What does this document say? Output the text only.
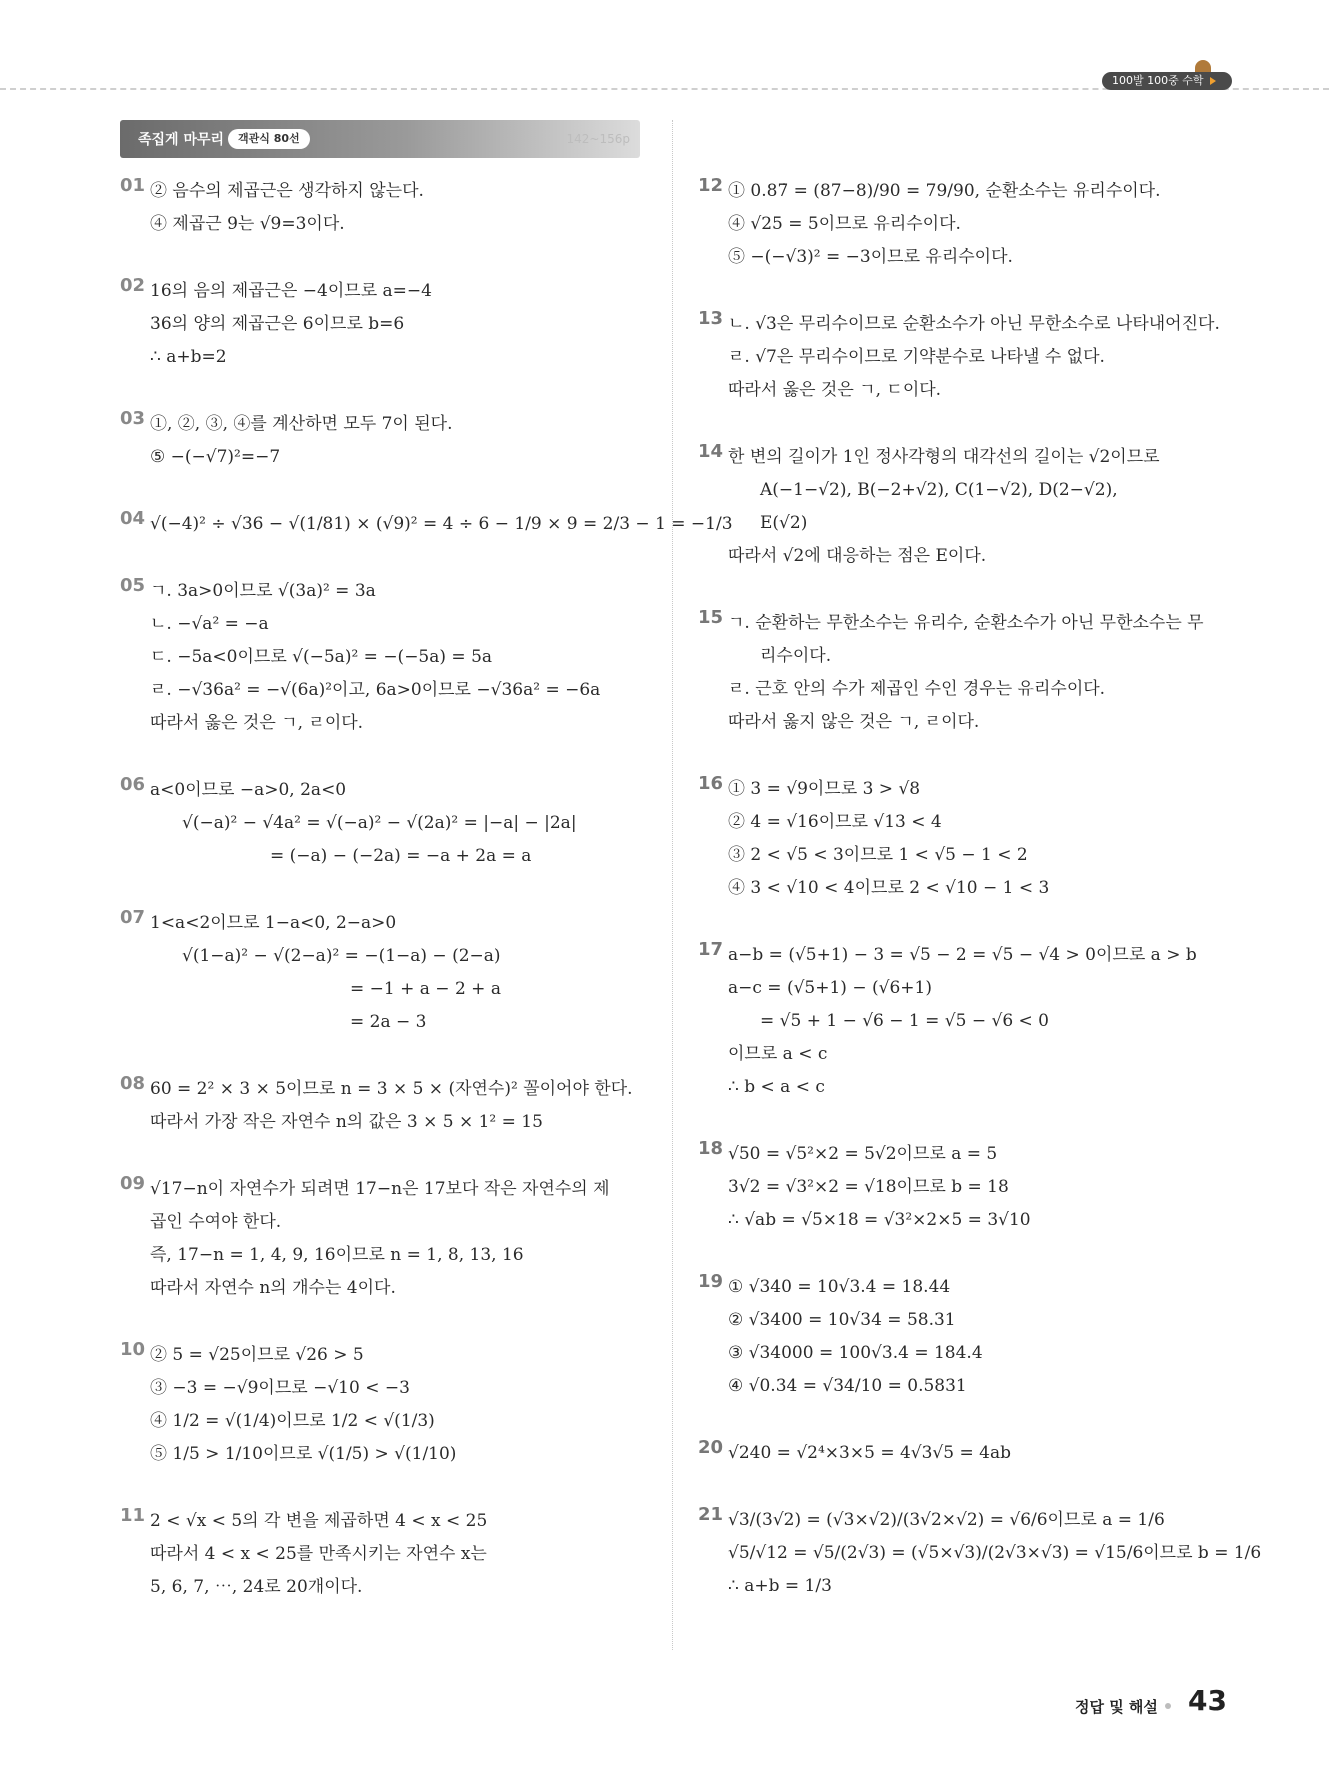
100발 100중 수학
족집게 마무리	객관식 80선	142~156p
01 ② 음수의 제곱근은 생각하지 않는다.
④ 제곱근 9는 √9=3이다.
02 16의 음의 제곱근은 −4이므로 a=−4
36의 양의 제곱근은 6이므로 b=6
∴ a+b=2
03 ①, ②, ③, ④를 계산하면 모두 7이 된다.
⑤ −(−√7)²=−7
04 √(−4)² ÷ √36 − √(1/81) × (√9)² = 4 ÷ 6 − 1/9 × 9 = 2/3 − 1 = −1/3
05 ㄱ. 3a>0이므로 √(3a)² = 3a
ㄴ. −√a² = −a
ㄷ. −5a<0이므로 √(−5a)² = −(−5a) = 5a
ㄹ. −√36a² = −√(6a)²이고, 6a>0이므로 −√36a² = −6a
따라서 옳은 것은 ㄱ, ㄹ이다.
06 a<0이므로 −a>0, 2a<0
√(−a)² − √4a² = √(−a)² − √(2a)² = |−a| − |2a|
= (−a) − (−2a) = −a + 2a = a
07 1<a<2이므로 1−a<0, 2−a>0
√(1−a)² − √(2−a)² = −(1−a) − (2−a)
= −1 + a − 2 + a
= 2a − 3
08 60 = 2² × 3 × 5이므로 n = 3 × 5 × (자연수)² 꼴이어야 한다.
따라서 가장 작은 자연수 n의 값은 3 × 5 × 1² = 15
09 √17−n이 자연수가 되려면 17−n은 17보다 작은 자연수의 제
곱인 수여야 한다.
즉, 17−n = 1, 4, 9, 16이므로 n = 1, 8, 13, 16
따라서 자연수 n의 개수는 4이다.
10 ② 5 = √25이므로 √26 > 5
③ −3 = −√9이므로 −√10 < −3
④ 1/2 = √(1/4)이므로 1/2 < √(1/3)
⑤ 1/5 > 1/10이므로 √(1/5) > √(1/10)
11 2 < √x < 5의 각 변을 제곱하면 4 < x < 25
따라서 4 < x < 25를 만족시키는 자연수 x는
5, 6, 7, ⋯, 24로 20개이다.
12 ① 0.87̇ = (87−8)/90 = 79/90, 순환소수는 유리수이다.
④ √25 = 5이므로 유리수이다.
⑤ −(−√3)² = −3이므로 유리수이다.
13 ㄴ. √3은 무리수이므로 순환소수가 아닌 무한소수로 나타내어진다.
ㄹ. √7은 무리수이므로 기약분수로 나타낼 수 없다.
따라서 옳은 것은 ㄱ, ㄷ이다.
14 한 변의 길이가 1인 정사각형의 대각선의 길이는 √2이므로
A(−1−√2), B(−2+√2), C(1−√2), D(2−√2),
E(√2)
따라서 √2에 대응하는 점은 E이다.
15 ㄱ. 순환하는 무한소수는 유리수, 순환소수가 아닌 무한소수는 무
리수이다.
ㄹ. 근호 안의 수가 제곱인 수인 경우는 유리수이다.
따라서 옳지 않은 것은 ㄱ, ㄹ이다.
16 ① 3 = √9이므로 3 > √8
② 4 = √16이므로 √13 < 4
③ 2 < √5 < 3이므로 1 < √5 − 1 < 2
④ 3 < √10 < 4이므로 2 < √10 − 1 < 3
17 a−b = (√5+1) − 3 = √5 − 2 = √5 − √4 > 0이므로 a > b
a−c = (√5+1) − (√6+1)
= √5 + 1 − √6 − 1 = √5 − √6 < 0
이므로 a < c
∴ b < a < c
18 √50 = √5²×2 = 5√2이므로 a = 5
3√2 = √3²×2 = √18이므로 b = 18
∴ √ab = √5×18 = √3²×2×5 = 3√10
19 ① √340 = 10√3.4 = 18.44
② √3400 = 10√34 = 58.31
③ √34000 = 100√3.4 = 184.4
④ √0.34 = √34/10 = 0.5831
20 √240 = √2⁴×3×5 = 4√3√5 = 4ab
21 √3/(3√2) = (√3×√2)/(3√2×√2) = √6/6이므로 a = 1/6
√5/√12 = √5/(2√3) = (√5×√3)/(2√3×√3) = √15/6이므로 b = 1/6
∴ a+b = 1/3
정답 및 해설 43
